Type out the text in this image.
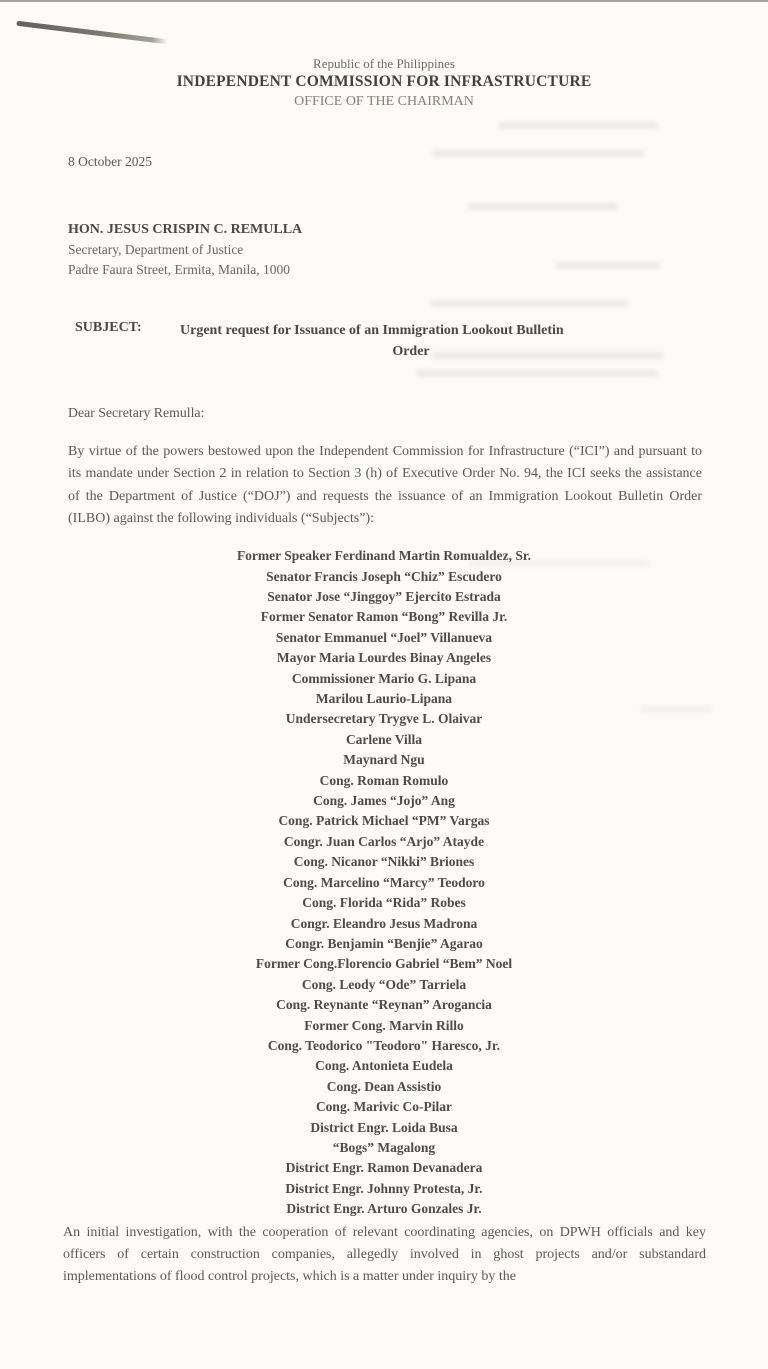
Republic of the Philippines
INDEPENDENT COMMISSION FOR INFRASTRUCTURE
OFFICE OF THE CHAIRMAN
8 October 2025
HON. JESUS CRISPIN C. REMULLA
Secretary, Department of Justice
Padre Faura Street, Ermita, Manila, 1000
SUBJECT:	Urgent request for Issuance of an Immigration Lookout Bulletin
Order
Dear Secretary Remulla:

By virtue of the powers bestowed upon the Independent Commission for Infrastructure (“ICI”) and pursuant to its mandate under Section 2 in relation to Section 3 (h) of Executive Order No. 94, the ICI seeks the assistance of the Department of Justice (“DOJ”) and requests the issuance of an Immigration Lookout Bulletin Order (ILBO) against the following individuals (“Subjects”):

Former Speaker Ferdinand Martin Romualdez, Sr.
Senator Francis Joseph “Chiz” Escudero
Senator Jose “Jinggoy” Ejercito Estrada
Former Senator Ramon “Bong” Revilla Jr.
Senator Emmanuel “Joel” Villanueva
Mayor Maria Lourdes Binay Angeles
Commissioner Mario G. Lipana
Marilou Laurio-Lipana
Undersecretary Trygve L. Olaivar
Carlene Villa
Maynard Ngu
Cong. Roman Romulo
Cong. James “Jojo” Ang
Cong. Patrick Michael “PM” Vargas
Congr. Juan Carlos “Arjo” Atayde
Cong. Nicanor “Nikki” Briones
Cong. Marcelino “Marcy” Teodoro
Cong. Florida “Rida” Robes
Congr. Eleandro Jesus Madrona
Congr. Benjamin “Benjie” Agarao
Former Cong.Florencio Gabriel “Bem” Noel
Cong. Leody “Ode” Tarriela
Cong. Reynante “Reynan” Arogancia
Former Cong. Marvin Rillo
Cong. Teodorico "Teodoro" Haresco, Jr.
Cong. Antonieta Eudela
Cong. Dean Assistio
Cong. Marivic Co-Pilar
District Engr. Loida Busa
“Bogs” Magalong
District Engr. Ramon Devanadera
District Engr. Johnny Protesta, Jr.
District Engr. Arturo Gonzales Jr.

An initial investigation, with the cooperation of relevant coordinating agencies, on DPWH officials and key officers of certain construction companies, allegedly involved in ghost projects and/or substandard implementations of flood control projects, which is a matter under inquiry by the
